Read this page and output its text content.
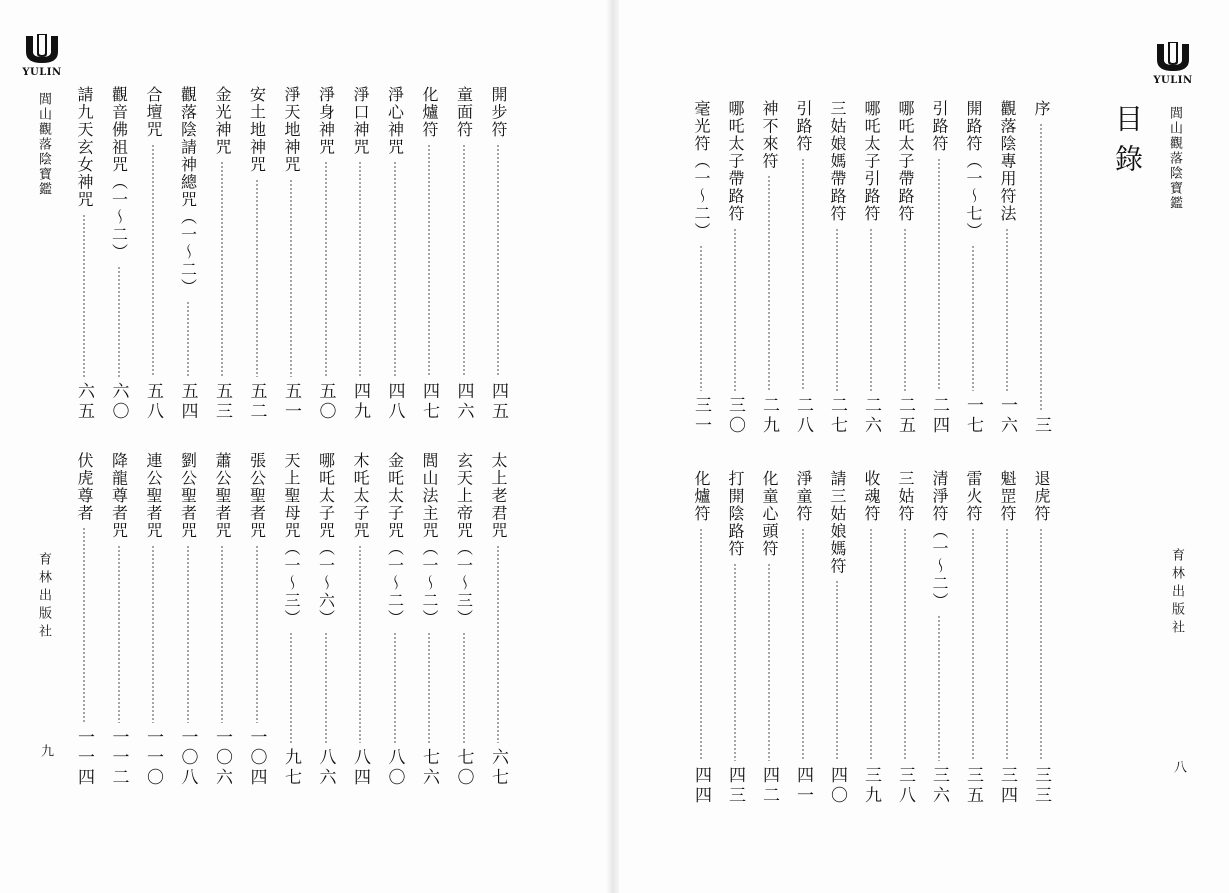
YULIN
閭山觀落陰寶鑑
育林出版社
九
開步符
四五
童面符
四六
化爐符
四七
淨心神咒
四八
淨口神咒
四九
淨身神咒
五〇
淨天地神咒
五一
安土地神咒
五二
金光神咒
五三
觀落陰請神總咒（一～二）
五四
合壇咒
五八
觀音佛祖咒（一～二）
六〇
請九天玄女神咒
六五
太上老君咒
六七
玄天上帝咒（一～三）
七〇
閭山法主咒（一～二）
七六
金吒太子咒（一～二）
八〇
木吒太子咒
八四
哪吒太子咒（一～六）
八六
天上聖母咒（一～三）
九七
張公聖者咒
一〇四
蕭公聖者咒
一〇六
劉公聖者咒
一〇八
連公聖者咒
一一〇
降龍尊者咒
一一二
伏虎尊者
一一四
序
三
觀落陰專用符法
一六
開路符（一～七）
一七
引路符
二四
哪吒太子帶路符
二五
哪吒太子引路符
二六
三姑娘媽帶路符
二七
引路符
二八
神不來符
二九
哪吒太子帶路符
三〇
毫光符（一～二）
三一
退虎符
三三
魁罡符
三四
雷火符
三五
清淨符（一～二）
三六
三姑符
三八
收魂符
三九
請三姑娘媽符
四〇
淨童符
四一
化童心頭符
四二
打開陰路符
四三
化爐符
四四
目錄
YULIN
閭山觀落陰寶鑑
育林出版社
八
